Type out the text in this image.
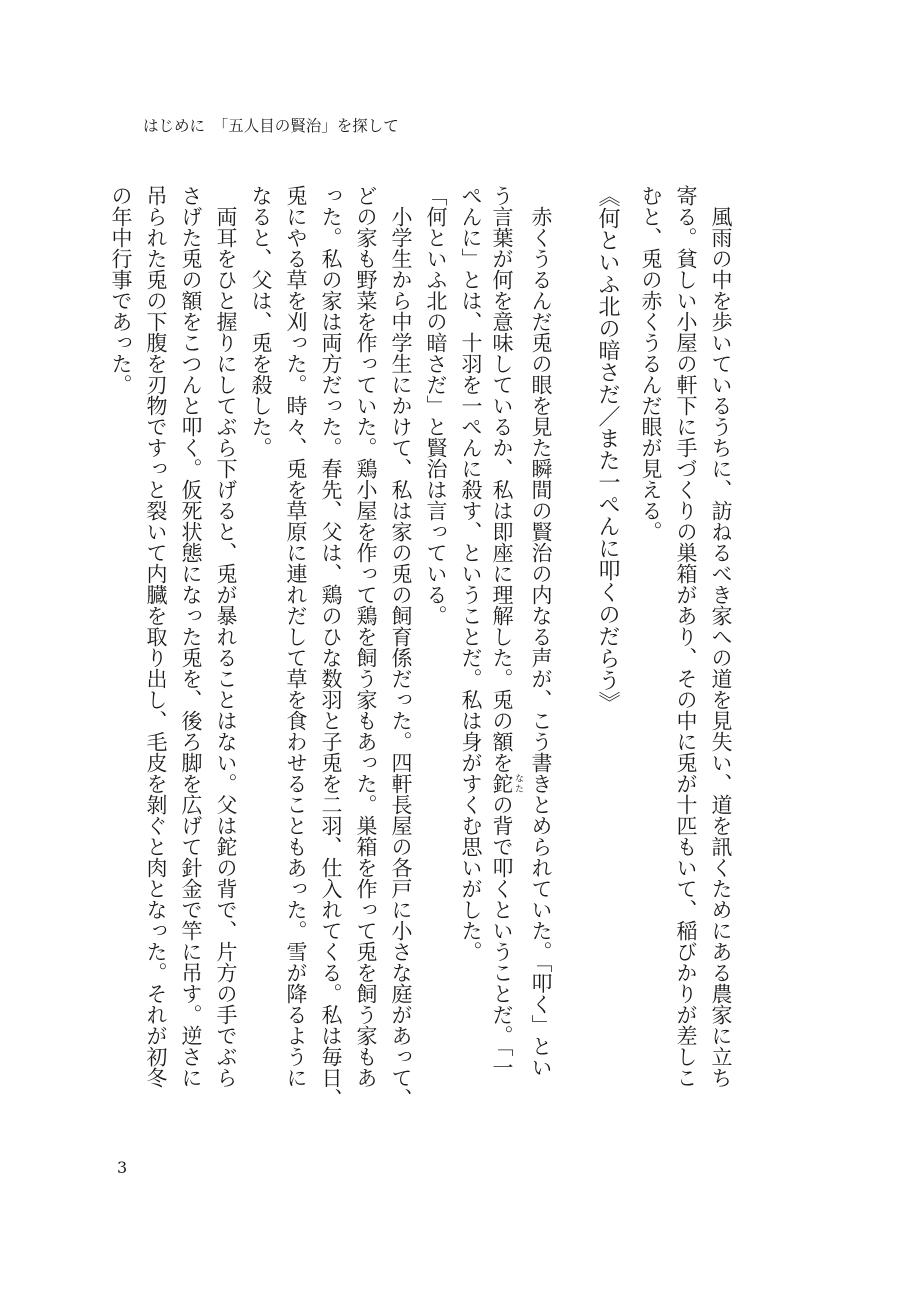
はじめに　「五人目の賢治」を探して
　風雨の中を歩いているうちに、訪ねるべき家への道を見失い、道を訊くためにある農家に立ち
寄る。貧しい小屋の軒下に手づくりの巣箱があり、その中に兎が十匹もいて、稲びかりが差しこ
むと、兎の赤くうるんだ眼が見える。
《何といふ北の暗さだ／また一ぺんに叩くのだらう》
　赤くうるんだ兎の眼を見た瞬間の賢治の内なる声が、こう書きとめられていた。「叩く」とい
う言葉が何を意味しているか、私は即座に理解した。兎の額を鉈 なたの背で叩くということだ。「一
ぺんに」とは、十羽を一ぺんに殺す、ということだ。私は身がすくむ思いがした。
「何といふ北の暗さだ」と賢治は言っている。
　小学生から中学生にかけて、私は家の兎の飼育係だった。四軒長屋の各戸に小さな庭があって、
どの家も野菜を作っていた。鶏小屋を作って鶏を飼う家もあった。巣箱を作って兎を飼う家もあ
った。私の家は両方だった。春先、父は、鶏のひな数羽と子兎を二羽、仕入れてくる。私は毎日、
兎にやる草を刈った。時々、兎を草原に連れだして草を食わせることもあった。雪が降るように
なると、父は、兎を殺した。
　両耳をひと握りにしてぶら下げると、兎が暴れることはない。父は鉈の背で、片方の手でぶら
さげた兎の額をこつんと叩く。仮死状態になった兎を、後ろ脚を広げて針金で竿に吊す。逆さに
吊られた兎の下腹を刃物ですっと裂いて内臓を取り出し、毛皮を剝ぐと肉となった。それが初冬
の年中行事であった。
3
